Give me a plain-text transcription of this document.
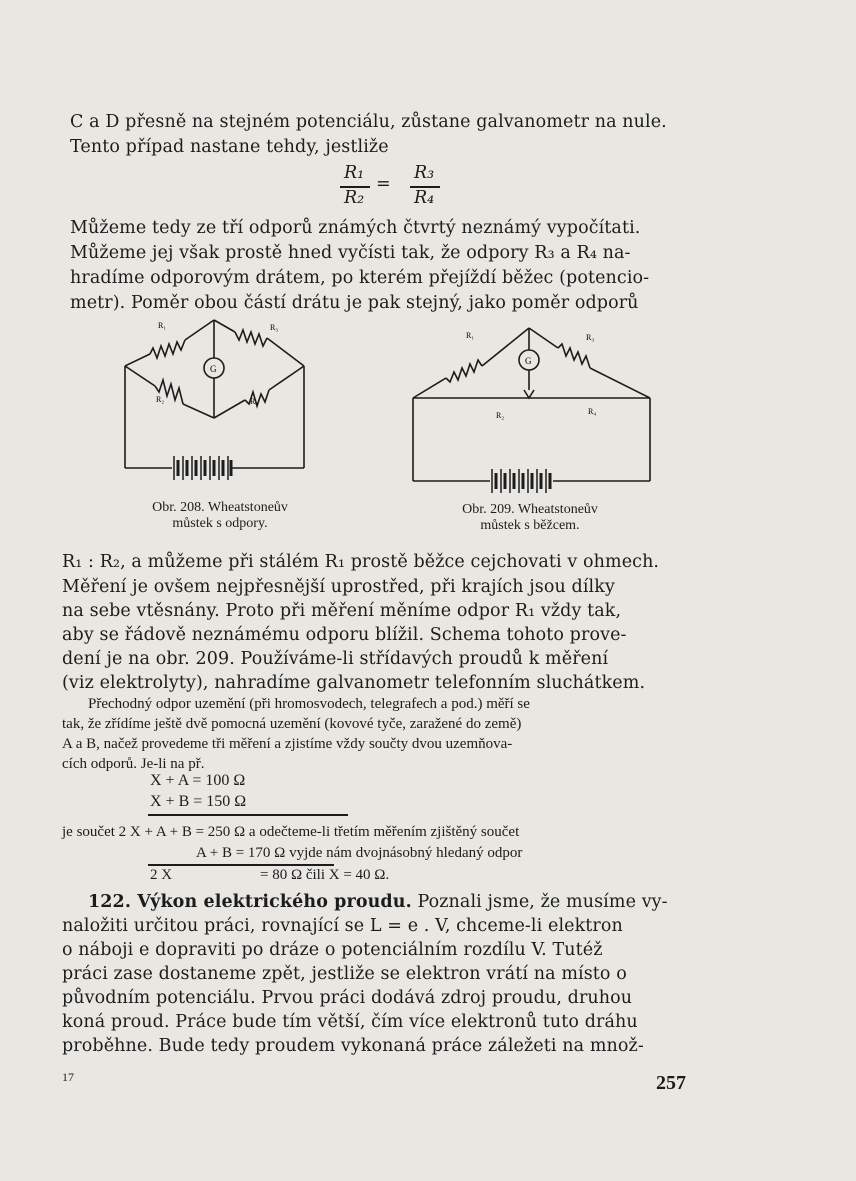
C a D přesně na stejném potenciálu, zůstane galvanometr na nule.
Tento případ nastane tehdy, jestliže
R₁
R₂
=
R₃
R₄
Můžeme tedy ze tří odporů známých čtvrtý neznámý vypočítati.
Můžeme jej však prostě hned vyčísti tak, že odpory R₃ a R₄ na-
hradíme odporovým drátem, po kterém přejíždí běžec (potencio-
metr). Poměr obou částí drátu je pak stejný, jako poměr odporů
R₁	R₃
R₂	R₄
G
Obr. 208. Wheatstoneův
můstek s odpory.
R₁	R₃
R₂	R₄
G
Obr. 209. Wheatstoneův
můstek s běžcem.
R₁ : R₂, a můžeme při stálém R₁ prostě běžce cejchovati v ohmech.
Měření je ovšem nejpřesnější uprostřed, při krajích jsou dílky
na sebe vtěsnány. Proto při měření měníme odpor R₁ vždy tak,
aby se řádově neznámému odporu blížil. Schema tohoto prove-
dení je na obr. 209. Používáme-li střídavých proudů k měření
(viz elektrolyty), nahradíme galvanometr telefonním sluchátkem.
Přechodný odpor uzemění (při hromosvodech, telegrafech a pod.) měří se
tak, že zřídíme ještě dvě pomocná uzemění (kovové tyče, zaražené do země)
A a B, načež provedeme tři měření a zjistíme vždy součty dvou uzemňova-
cích odporů. Je-li na př.
X + A = 100 Ω
X + B = 150 Ω
je součet 2 X + A + B = 250 Ω a odečteme-li třetím měřením zjištěný součet
A + B = 170 Ω vyjde nám dvojnásobný hledaný odpor
2 X	= 80 Ω čili X = 40 Ω.
122. Výkon elektrického proudu. Poznali jsme, že musíme vy-
naložiti určitou práci, rovnající se L = e . V, chceme-li elektron
o náboji e dopraviti po dráze o potenciálním rozdílu V. Tutéž
práci zase dostaneme zpět, jestliže se elektron vrátí na místo o
původním potenciálu. Prvou práci dodává zdroj proudu, druhou
koná proud. Práce bude tím větší, čím více elektronů tuto dráhu
proběhne. Bude tedy proudem vykonaná práce záležeti na množ-
17	257
